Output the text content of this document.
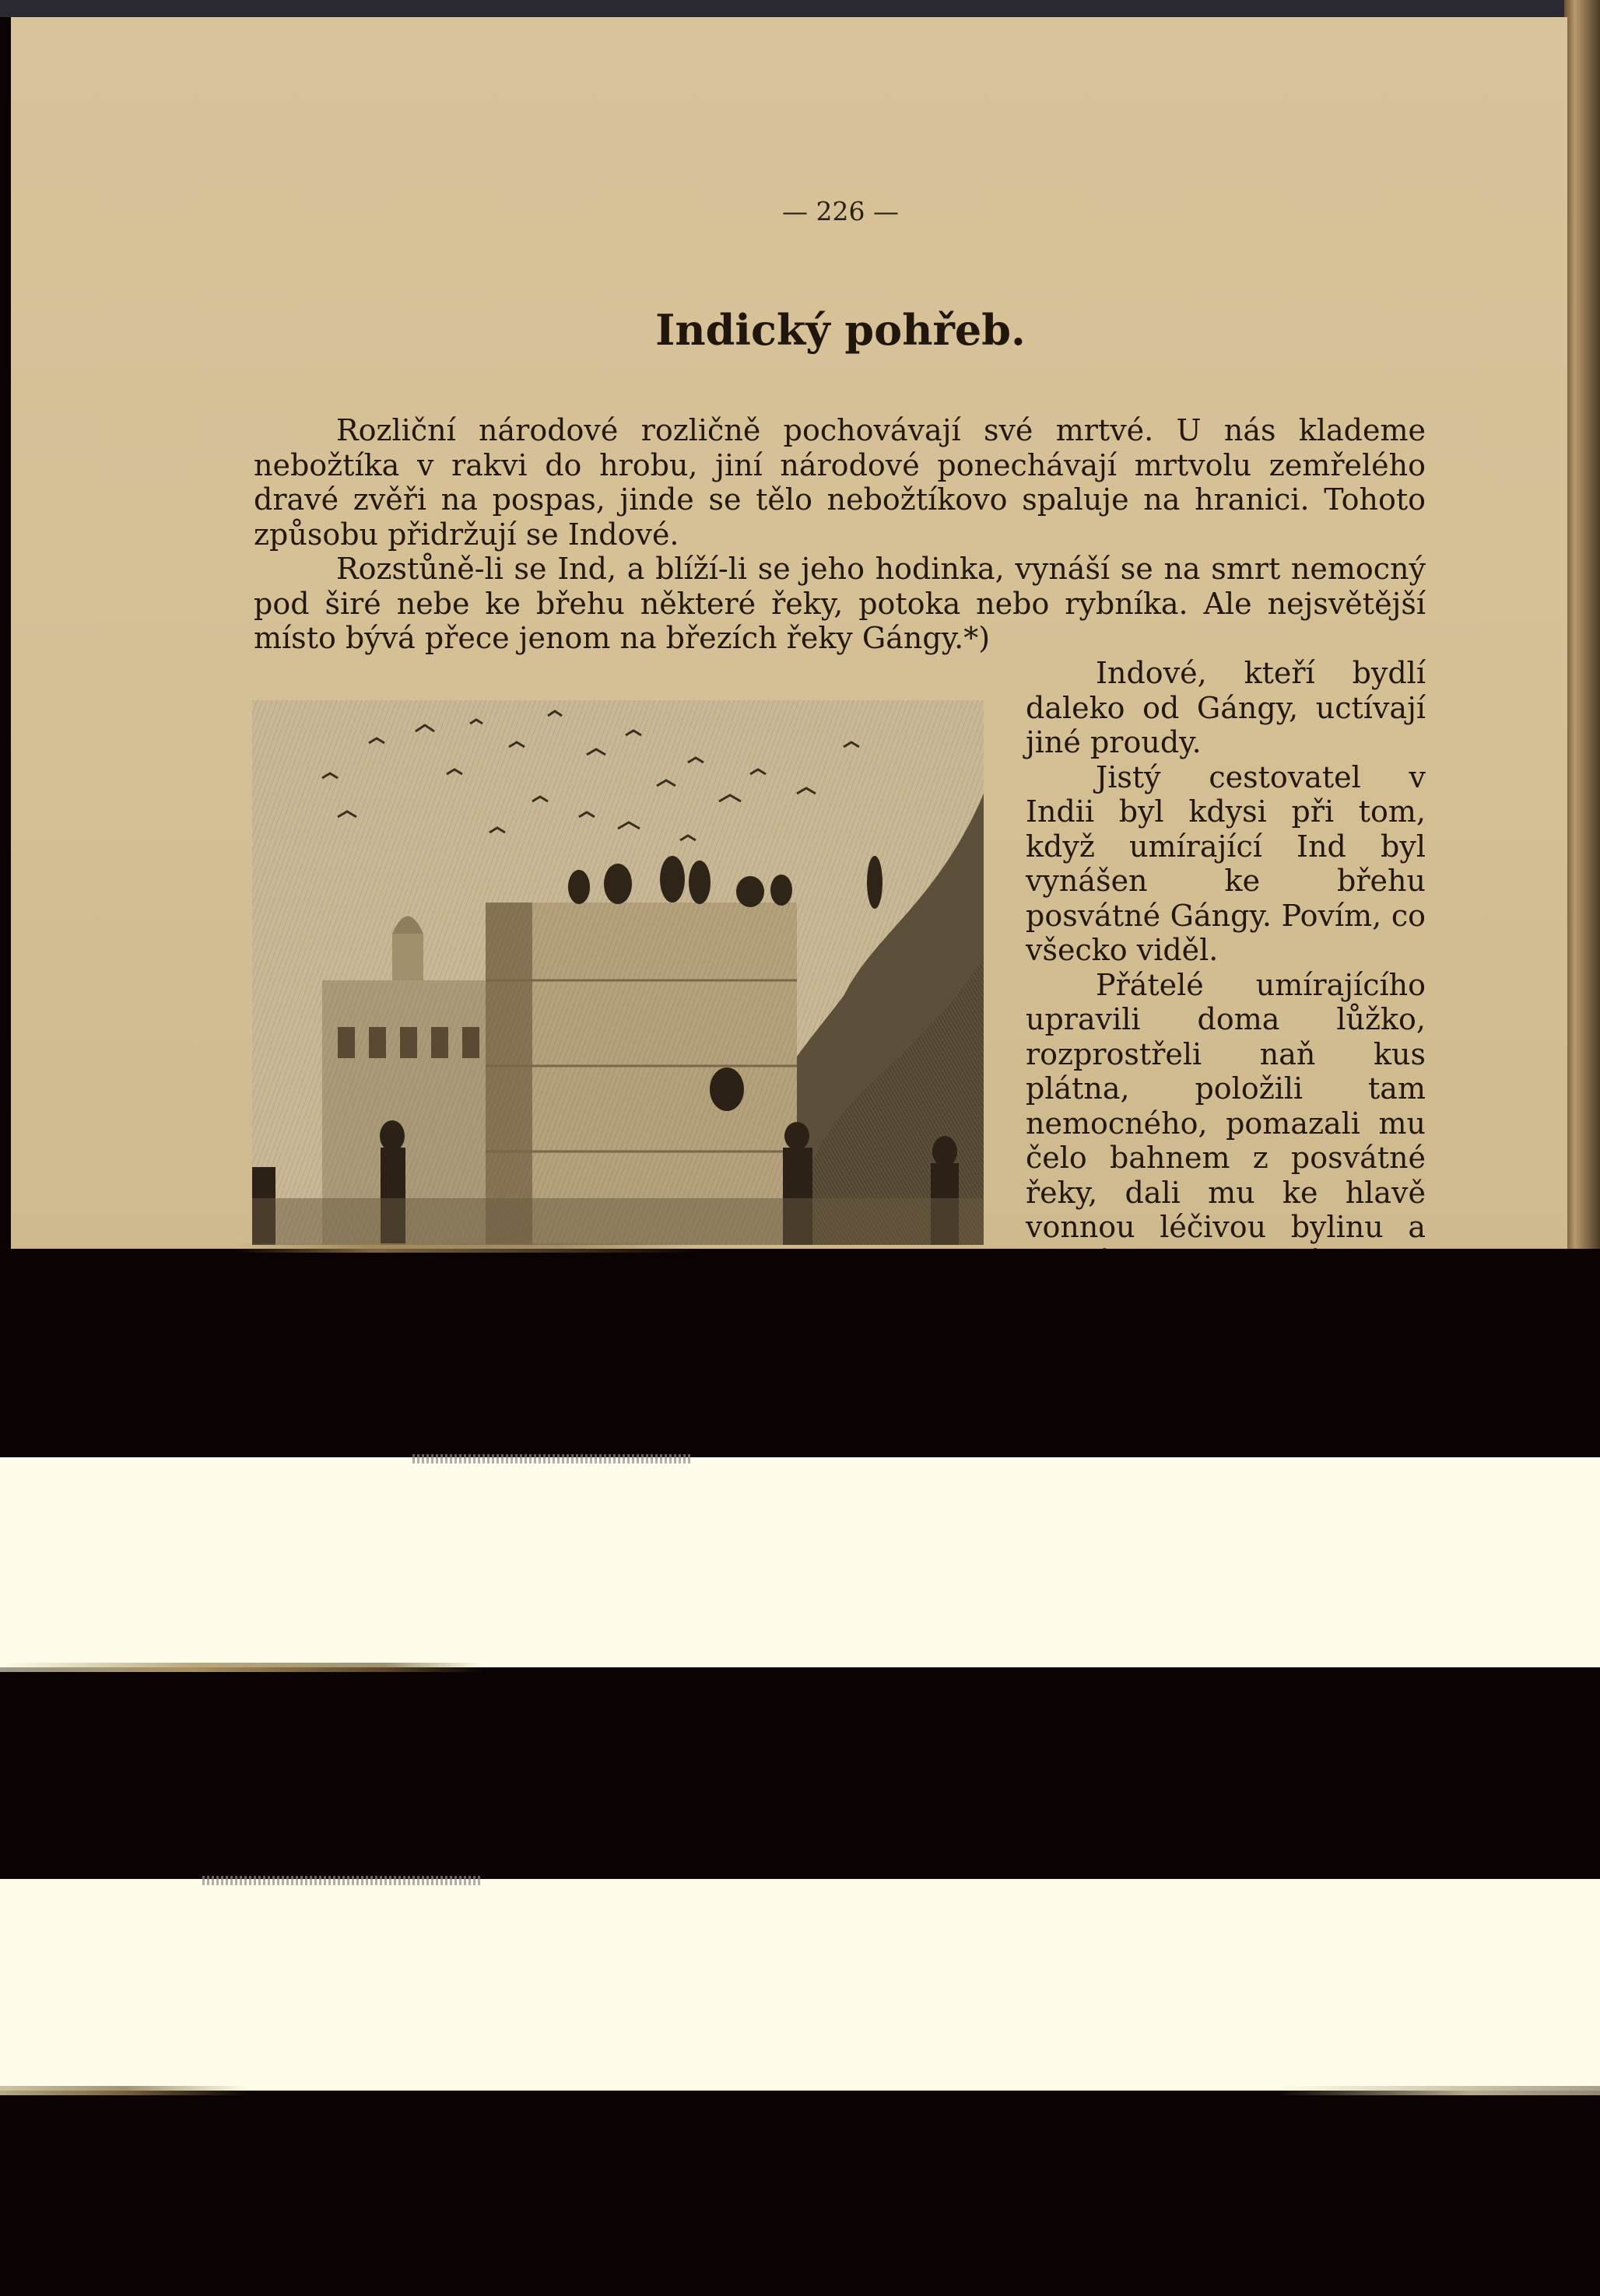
— 226 —
Indický pohřeb.
Rozliční národové rozličně pochovávají své mrtvé. U nás klademe nebožtíka v rakvi do hrobu, jiní národové ponechávají mrtvolu zemřelého dravé zvěři na pospas, jinde se tělo nebožtíkovo spaluje na hranici. Tohoto způsobu přidržují se Indové.
Rozstůně-li se Ind, a blíží-li se jeho hodinka, vynáší se na smrt nemocný pod širé nebe ke břehu některé řeky, potoka nebo rybníka. Ale nejsvětější místo bývá přece jenom na březích řeky Gángy.*)

Indové, kteří bydlí daleko od Gángy, uctívají jiné proudy.

Jistý cestovatel v Indii byl kdysi při tom, když umírající Ind byl vynášen ke břehu posvátné Gángy. Povím, co všecko viděl.

Přátelé umírajícího upravili doma lůžko, rozprostřeli naň kus plátna, položili tam nemocného, pomazali mu čelo bahnem z posvátné řeky, dali mu ke hlavě vonnou léčivou bylinu a
